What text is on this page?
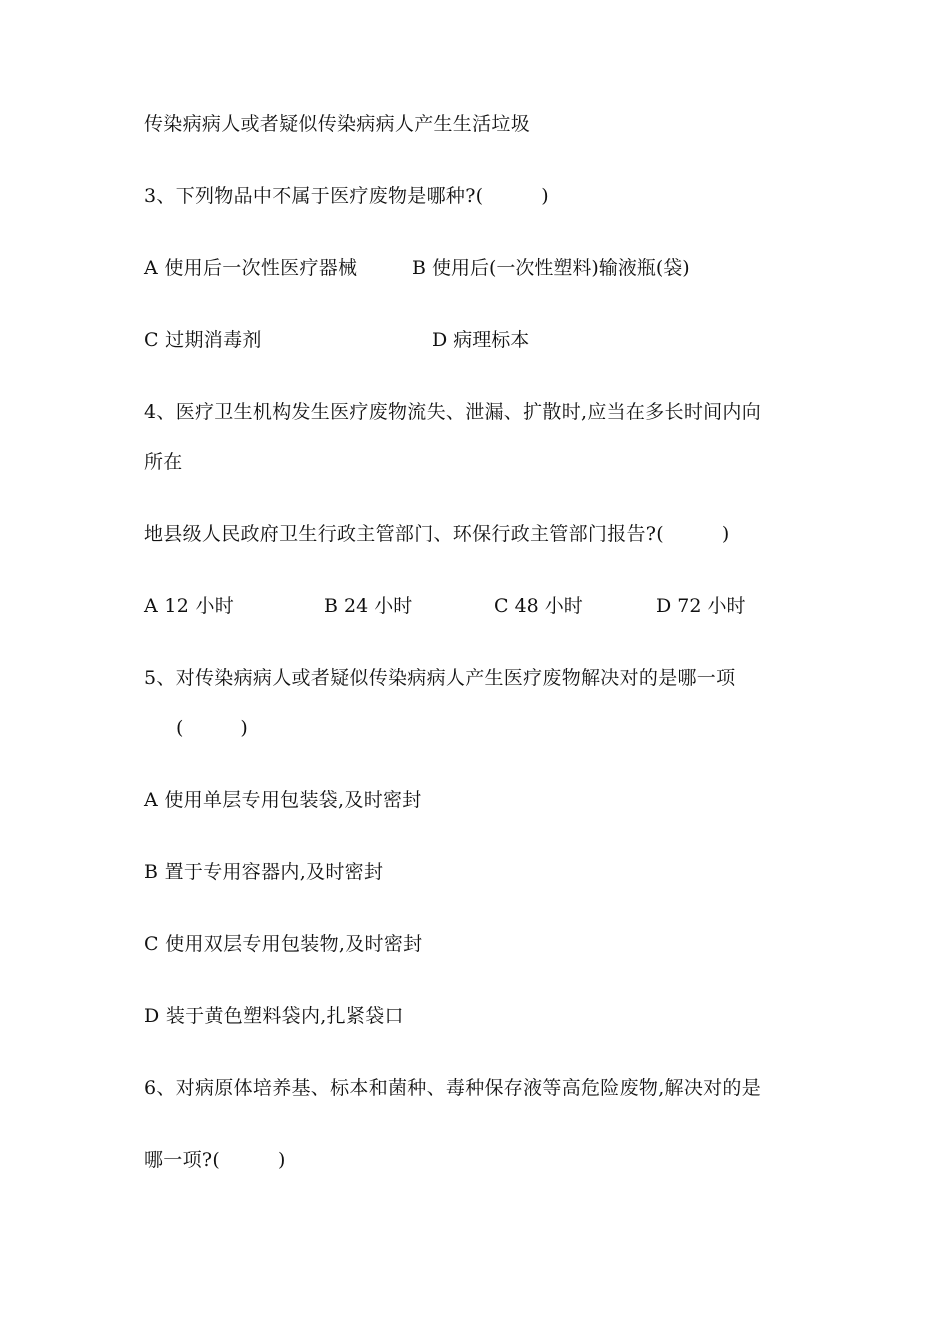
传染病病人或者疑似传染病病人产生生活垃圾
3、下列物品中不属于医疗废物是哪种?(　　　)
A 使用后一次性医疗器械	B 使用后(一次性塑料)输液瓶(袋)
C 过期消毒剂	D 病理标本
4、医疗卫生机构发生医疗废物流失、泄漏、扩散时,应当在多长时间内向
所在
地县级人民政府卫生行政主管部门、环保行政主管部门报告?(　　　)
A 12 小时	B 24 小时	C 48 小时	D 72 小时
5、对传染病病人或者疑似传染病病人产生医疗废物解决对的是哪一项
(　　　)
A 使用单层专用包装袋,及时密封
B 置于专用容器内,及时密封
C 使用双层专用包装物,及时密封
D 装于黄色塑料袋内,扎紧袋口
6、对病原体培养基、标本和菌种、毒种保存液等高危险废物,解决对的是
哪一项?(　　　)
